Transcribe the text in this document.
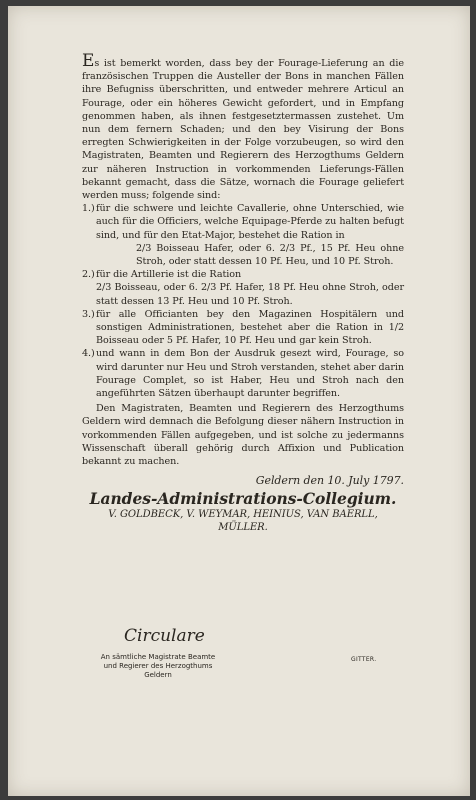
Es ist bemerkt worden, dass bey der Fourage-Lieferung an die französischen Truppen die Austeller der Bons in manchen Fällen ihre Befugniss überschritten, und entweder mehrere Articul an Fourage, oder ein höheres Gewicht gefordert, und in Empfang genommen haben, als ihnen festgesetztermassen zustehet. Um nun dem fernern Schaden; und den bey Visirung der Bons erregten Schwierigkeiten in der Folge vorzubeugen, so wird den Magistraten, Beamten und Regierern des Herzogthums Geldern zur näheren Instruction in vorkommenden Lieferungs-Fällen bekannt gemacht, dass die Sätze, wornach die Fourage geliefert werden muss; folgende sind:

1.) für die schwere und leichte Cavallerie, ohne Unterschied, wie auch für die Officiers, welche Equipage-Pferde zu halten befugt sind, und für den Etat-Major, bestehet die Ration in

2/3 Boisseau Hafer, oder 6. 2/3 Pf., 15 Pf. Heu ohne Stroh, oder statt dessen 10 Pf. Heu, und 10 Pf. Stroh.

2.) für die Artillerie ist die Ration

2/3 Boisseau, oder 6. 2/3 Pf. Hafer, 18 Pf. Heu ohne Stroh, oder statt dessen 13 Pf. Heu und 10 Pf. Stroh.

3.) für alle Officianten bey den Magazinen Hospitälern und sonstigen Administrationen, bestehet aber die Ration in 1/2 Boisseau oder 5 Pf. Hafer, 10 Pf. Heu und gar kein Stroh.
4.) und wann in dem Bon der Ausdruk gesezt wird, Fourage, so wird darunter nur Heu und Stroh verstanden, stehet aber darin Fourage Complet, so ist Haber, Heu und Stroh nach den angeführten Sätzen überhaupt darunter begriffen.

Den Magistraten, Beamten und Regierern des Herzogthums Geldern wird demnach die Befolgung dieser nähern Instruction in vorkommenden Fällen aufgegeben, und ist solche zu jedermanns Wissenschaft überall gehörig durch Affixion und Publication bekannt zu machen.

Geldern den 10. July 1797.

Landes-Administrations-Collegium.

V. GOLDBECK, V. WEYMAR, HEINIUS, VAN BAERLL, MÜLLER.

Circulare
An sämtliche Magistrate Beamte und Regierer des Herzogthums Geldern
GITTER.
